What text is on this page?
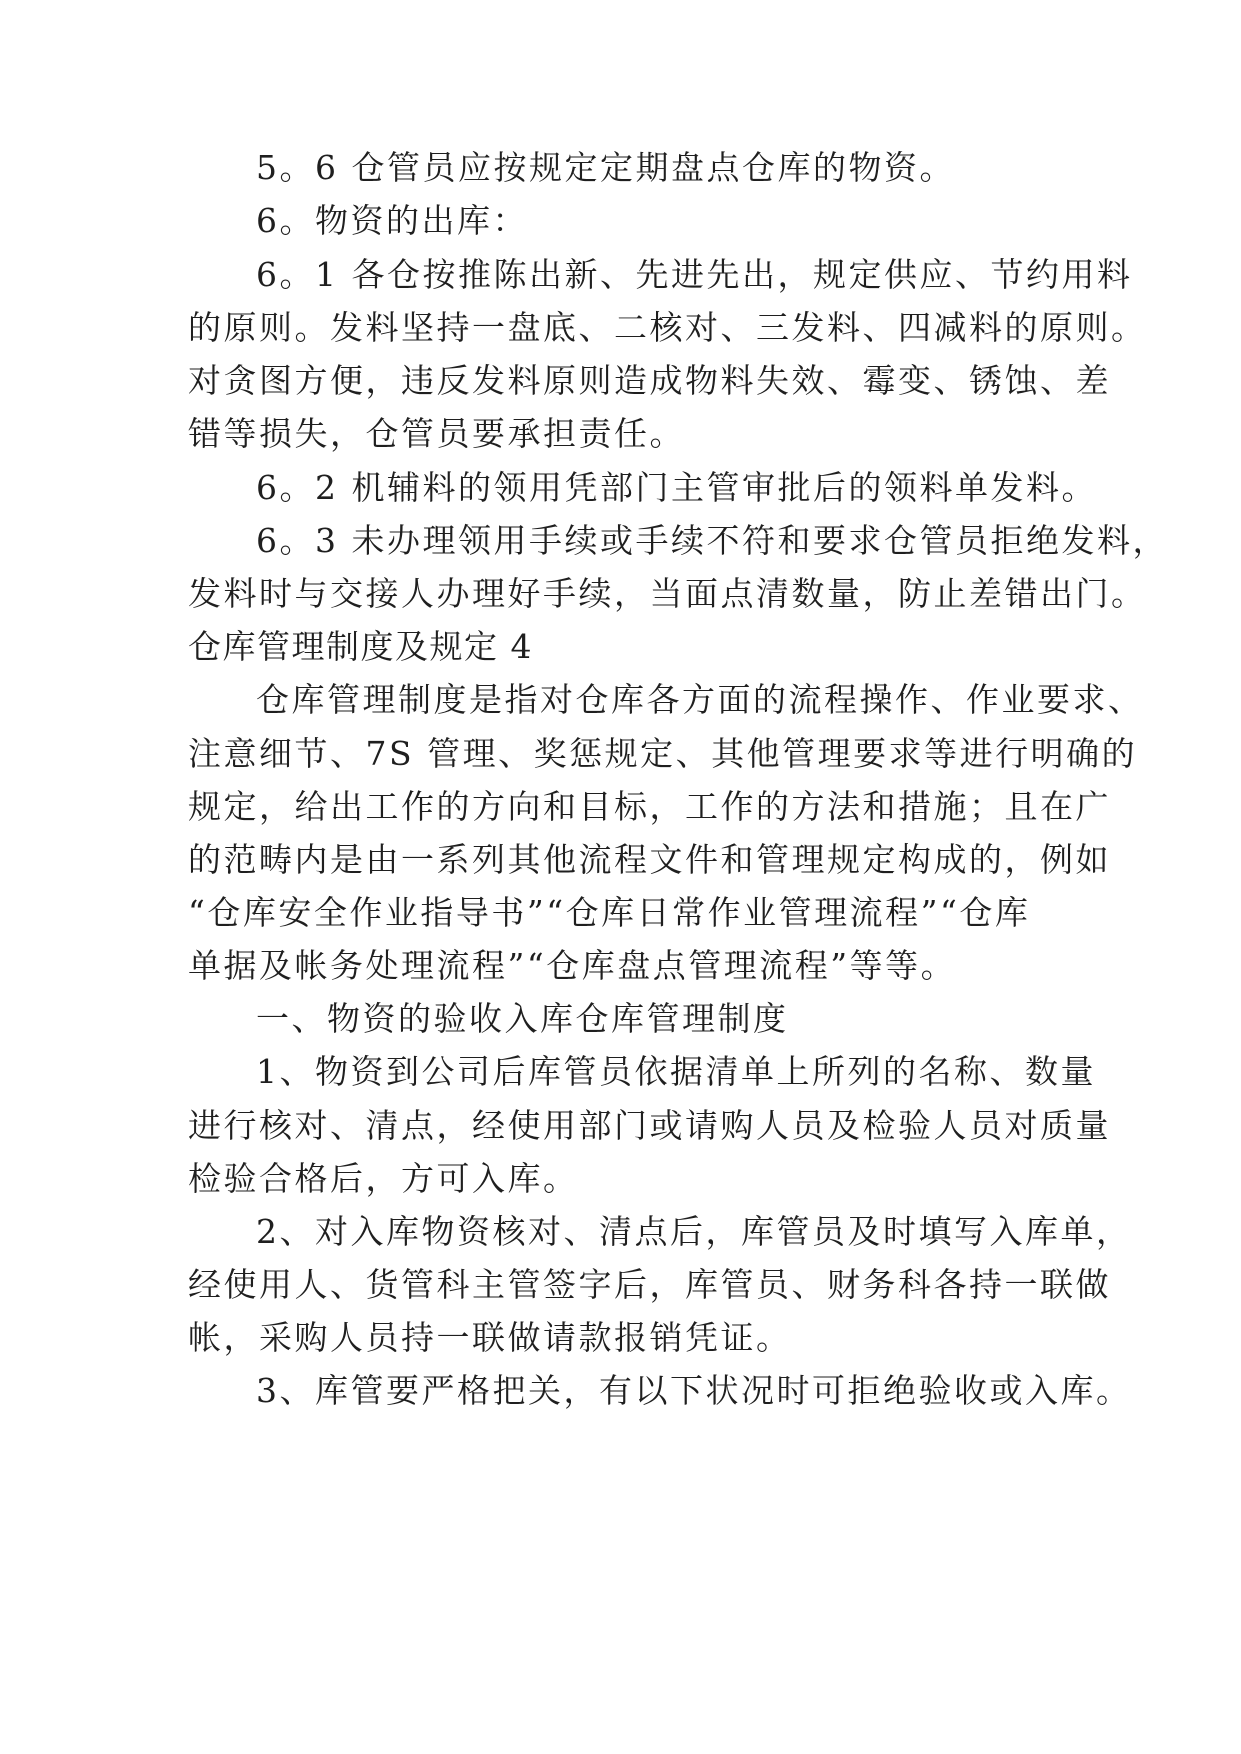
5。6 仓管员应按规定定期盘点仓库的物资。
6。物资的出库：
6。1 各仓按推陈出新、先进先出，规定供应、节约用料
的原则。发料坚持一盘底、二核对、三发料、四减料的原则。
对贪图方便，违反发料原则造成物料失效、霉变、锈蚀、差
错等损失，仓管员要承担责任。
6。2 机辅料的领用凭部门主管审批后的领料单发料。
6。3 未办理领用手续或手续不符和要求仓管员拒绝发料，
发料时与交接人办理好手续，当面点清数量，防止差错出门。
仓库管理制度及规定 4
仓库管理制度是指对仓库各方面的流程操作、作业要求、
注意细节、7S 管理、奖惩规定、其他管理要求等进行明确的
规定，给出工作的方向和目标，工作的方法和措施；且在广
的范畴内是由一系列其他流程文件和管理规定构成的，例如
“仓库安全作业指导书”“仓库日常作业管理流程”“仓库
单据及帐务处理流程”“仓库盘点管理流程”等等。
一、物资的验收入库仓库管理制度
1、物资到公司后库管员依据清单上所列的名称、数量
进行核对、清点，经使用部门或请购人员及检验人员对质量
检验合格后，方可入库。
2、对入库物资核对、清点后，库管员及时填写入库单，
经使用人、货管科主管签字后，库管员、财务科各持一联做
帐，采购人员持一联做请款报销凭证。
3、库管要严格把关，有以下状况时可拒绝验收或入库。
